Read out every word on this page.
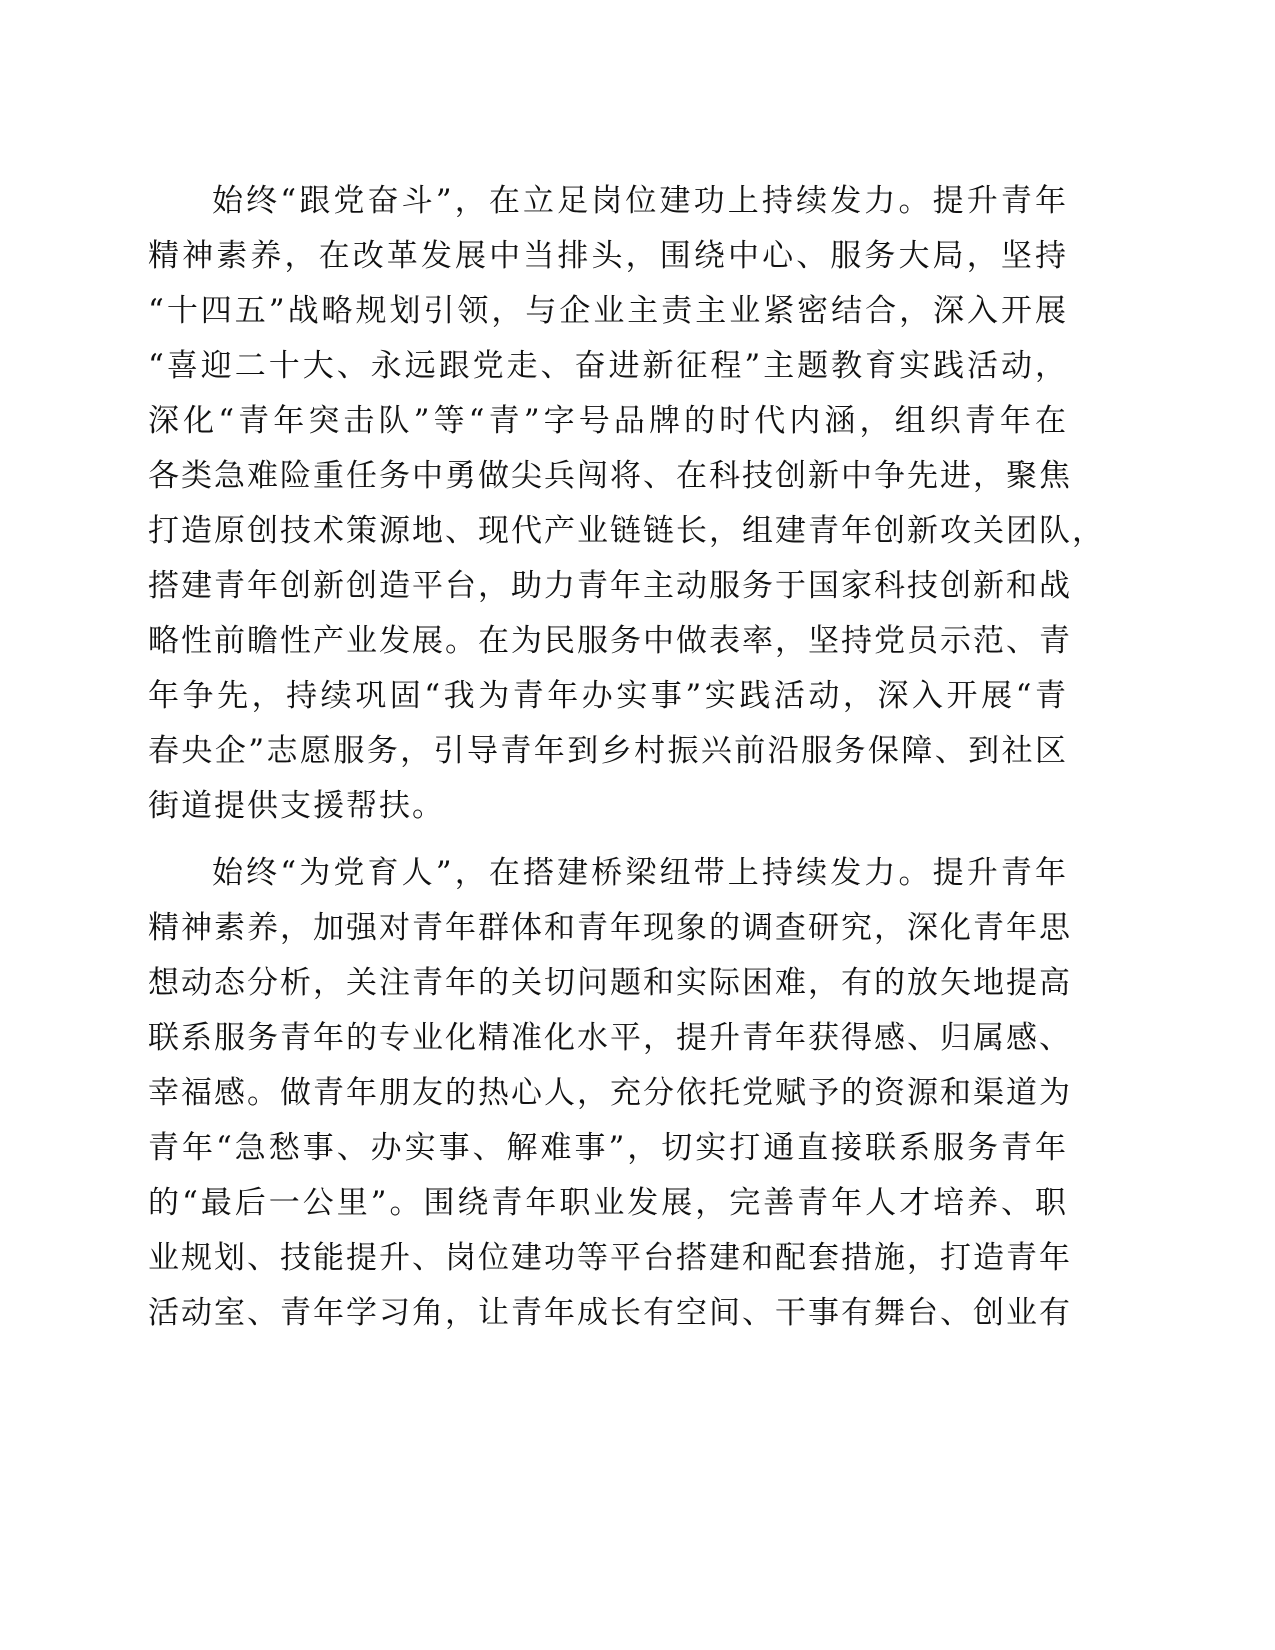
始终“跟党奋斗”，在立足岗位建功上持续发力。提升青年
精神素养，在改革发展中当排头，围绕中心、服务大局，坚持
“十四五”战略规划引领，与企业主责主业紧密结合，深入开展
“喜迎二十大、永远跟党走、奋进新征程”主题教育实践活动，
深化“青年突击队”等“青”字号品牌的时代内涵，组织青年在
各类急难险重任务中勇做尖兵闯将、在科技创新中争先进，聚焦
打造原创技术策源地、现代产业链链长，组建青年创新攻关团队，
搭建青年创新创造平台，助力青年主动服务于国家科技创新和战
略性前瞻性产业发展。在为民服务中做表率，坚持党员示范、青
年争先，持续巩固“我为青年办实事”实践活动，深入开展“青
春央企”志愿服务，引导青年到乡村振兴前沿服务保障、到社区
街道提供支援帮扶。
始终“为党育人”，在搭建桥梁纽带上持续发力。提升青年
精神素养，加强对青年群体和青年现象的调查研究，深化青年思
想动态分析，关注青年的关切问题和实际困难，有的放矢地提高
联系服务青年的专业化精准化水平，提升青年获得感、归属感、
幸福感。做青年朋友的热心人，充分依托党赋予的资源和渠道为
青年“急愁事、办实事、解难事”，切实打通直接联系服务青年
的“最后一公里”。围绕青年职业发展，完善青年人才培养、职
业规划、技能提升、岗位建功等平台搭建和配套措施，打造青年
活动室、青年学习角，让青年成长有空间、干事有舞台、创业有
